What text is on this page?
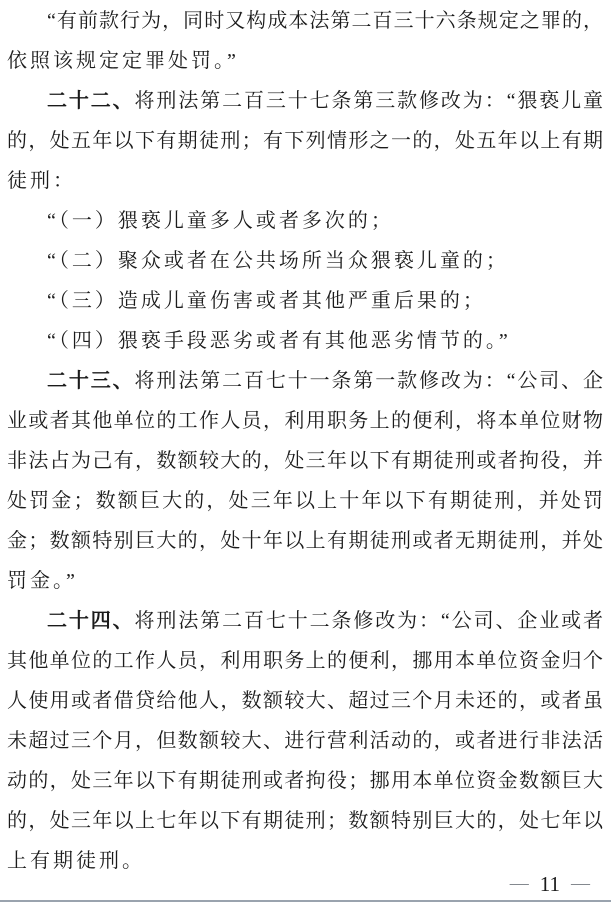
“有前款行为，同时又构成本法第二百三十六条规定之罪的，
依照该规定定罪处罚。”
二十二、将刑法第二百三十七条第三款修改为：“猥亵儿童
的，处五年以下有期徒刑；有下列情形之一的，处五年以上有期
徒刑：
“（一）猥亵儿童多人或者多次的；
“（二）聚众或者在公共场所当众猥亵儿童的；
“（三）造成儿童伤害或者其他严重后果的；
“（四）猥亵手段恶劣或者有其他恶劣情节的。”
二十三、将刑法第二百七十一条第一款修改为：“公司、企
业或者其他单位的工作人员，利用职务上的便利，将本单位财物
非法占为己有，数额较大的，处三年以下有期徒刑或者拘役，并
处罚金；数额巨大的，处三年以上十年以下有期徒刑，并处罚
金；数额特别巨大的，处十年以上有期徒刑或者无期徒刑，并处
罚金。”
二十四、将刑法第二百七十二条修改为：“公司、企业或者
其他单位的工作人员，利用职务上的便利，挪用本单位资金归个
人使用或者借贷给他人，数额较大、超过三个月未还的，或者虽
未超过三个月，但数额较大、进行营利活动的，或者进行非法活
动的，处三年以下有期徒刑或者拘役；挪用本单位资金数额巨大
的，处三年以上七年以下有期徒刑；数额特别巨大的，处七年以
上有期徒刑。
— 11 —
